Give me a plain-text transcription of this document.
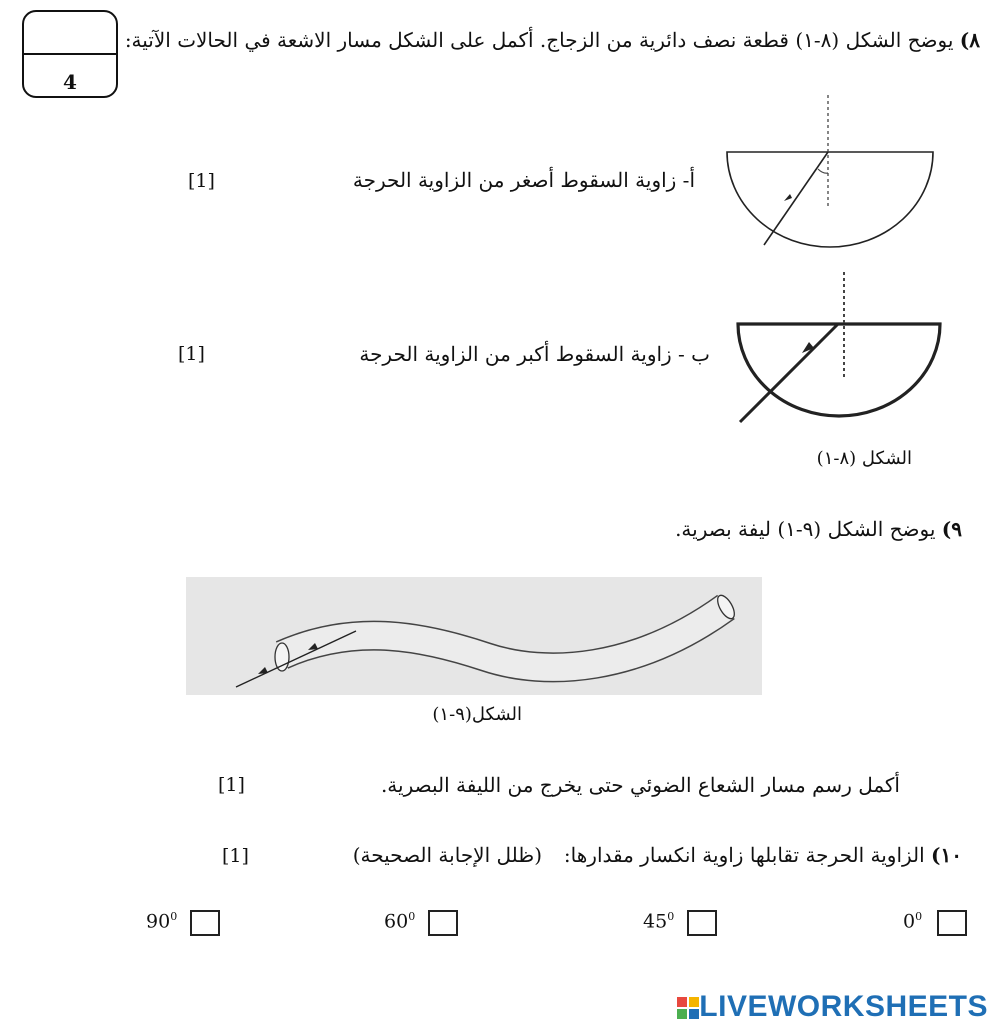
4
٨) يوضح الشكل (٨-١) قطعة نصف دائرية من الزجاج. أكمل على الشكل مسار الاشعة في الحالات الآتية:
أ- زاوية السقوط أصغر من الزاوية الحرجة
[1]
ب - زاوية السقوط أكبر من الزاوية الحرجة
[1]
الشكل (٨-١)
٩) يوضح الشكل (٩-١) ليفة بصرية.
الشكل(٩-١)
أكمل رسم مسار الشعاع الضوئي حتى يخرج من الليفة البصرية.
[1]
١٠) الزاوية الحرجة تقابلها زاوية انكسار مقدارها:
(ظلل الإجابة الصحيحة)
[1]
$90^0$	$60^0$	$45^0$	$0^0$
LIVEWORKSHEETS
